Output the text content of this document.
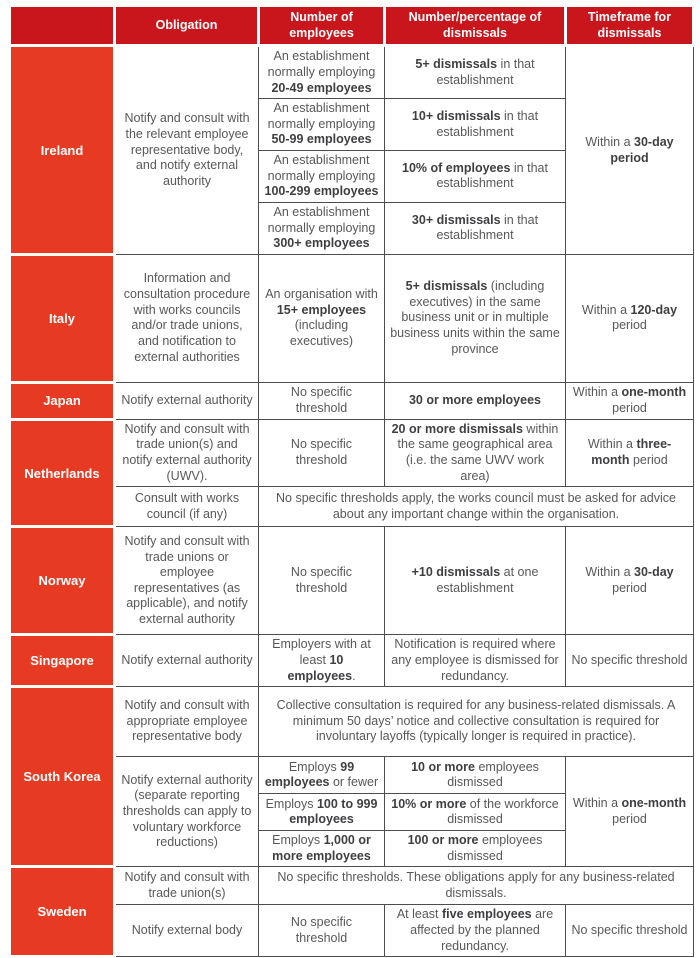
	Obligation	Number of employees	Number/percentage of dismissals	Timeframe for dismissals
Ireland	Notify and consult with the relevant employee representative body, and notify external authority	An establishment normally employing 20-49 employees	5+ dismissals in that establishment	Within a 30-day period
		An establishment normally employing 50-99 employees	10+ dismissals in that establishment	
		An establishment normally employing 100-299 employees	10% of employees in that establishment	
		An establishment normally employing 300+ employees	30+ dismissals in that establishment	
Italy	Information and consultation procedure with works councils and/or trade unions, and notification to external authorities	An organisation with 15+ employees (including executives)	5+ dismissals (including executives) in the same business unit or in multiple business units within the same province	Within a 120-day period
Japan	Notify external authority	No specific threshold	30 or more employees	Within a one-month period
Netherlands	Notify and consult with trade union(s) and notify external authority (UWV).	No specific threshold	20 or more dismissals within the same geographical area (i.e. the same UWV work area)	Within a three-month period
	Consult with works council (if any)	No specific thresholds apply, the works council must be asked for advice about any important change within the organisation.		
Norway	Notify and consult with trade unions or employee representatives (as applicable), and notify external authority	No specific threshold	+10 dismissals at one establishment	Within a 30-day period
Singapore	Notify external authority	Employers with at least 10 employees.	Notification is required where any employee is dismissed for redundancy.	No specific threshold
South Korea	Notify and consult with appropriate employee representative body	Collective consultation is required for any business-related dismissals. A minimum 50 days’ notice and collective consultation is required for involuntary layoffs (typically longer is required in practice).		
	Notify external authority (separate reporting thresholds can apply to voluntary workforce reductions)	Employs 99 employees or fewer	10 or more employees dismissed	Within a one-month period
		Employs 100 to 999 employees	10% or more of the workforce dismissed	
		Employs 1,000 or more employees	100 or more employees dismissed	
Sweden	Notify and consult with trade union(s)	No specific thresholds. These obligations apply for any business-related dismissals.		
	Notify external body	No specific threshold	At least five employees are affected by the planned redundancy.	No specific threshold
